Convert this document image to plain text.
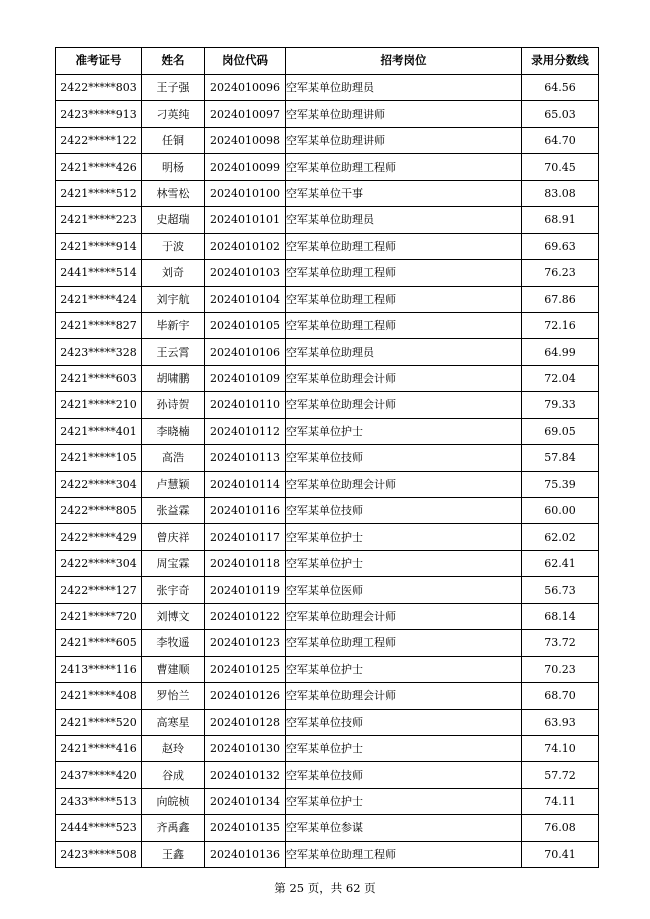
准考证号	姓名	岗位代码	招考岗位	录用分数线
2422*****803	王子强	2024010096	空军某单位助理员	64.56
2423*****913	刁英纯	2024010097	空军某单位助理讲师	65.03
2422*****122	任铜	2024010098	空军某单位助理讲师	64.70
2421*****426	明杨	2024010099	空军某单位助理工程师	70.45
2421*****512	林雪松	2024010100	空军某单位干事	83.08
2421*****223	史超瑞	2024010101	空军某单位助理员	68.91
2421*****914	于波	2024010102	空军某单位助理工程师	69.63
2441*****514	刘奇	2024010103	空军某单位助理工程师	76.23
2421*****424	刘宇航	2024010104	空军某单位助理工程师	67.86
2421*****827	毕新宇	2024010105	空军某单位助理工程师	72.16
2423*****328	王云霄	2024010106	空军某单位助理员	64.99
2421*****603	胡啸鹏	2024010109	空军某单位助理会计师	72.04
2421*****210	孙诗贺	2024010110	空军某单位助理会计师	79.33
2421*****401	李晓楠	2024010112	空军某单位护士	69.05
2421*****105	高浩	2024010113	空军某单位技师	57.84
2422*****304	卢慧颖	2024010114	空军某单位助理会计师	75.39
2422*****805	张益霖	2024010116	空军某单位技师	60.00
2422*****429	曾庆祥	2024010117	空军某单位护士	62.02
2422*****304	周宝霖	2024010118	空军某单位护士	62.41
2422*****127	张宇奇	2024010119	空军某单位医师	56.73
2421*****720	刘博文	2024010122	空军某单位助理会计师	68.14
2421*****605	李牧遥	2024010123	空军某单位助理工程师	73.72
2413*****116	曹建顺	2024010125	空军某单位护士	70.23
2421*****408	罗怡兰	2024010126	空军某单位助理会计师	68.70
2421*****520	高寒星	2024010128	空军某单位技师	63.93
2421*****416	赵玲	2024010130	空军某单位护士	74.10
2437*****420	谷成	2024010132	空军某单位技师	57.72
2433*****513	向皖桢	2024010134	空军某单位护士	74.11
2444*****523	齐禹鑫	2024010135	空军某单位参谋	76.08
2423*****508	王鑫	2024010136	空军某单位助理工程师	70.41
第 25 页，共 62 页
